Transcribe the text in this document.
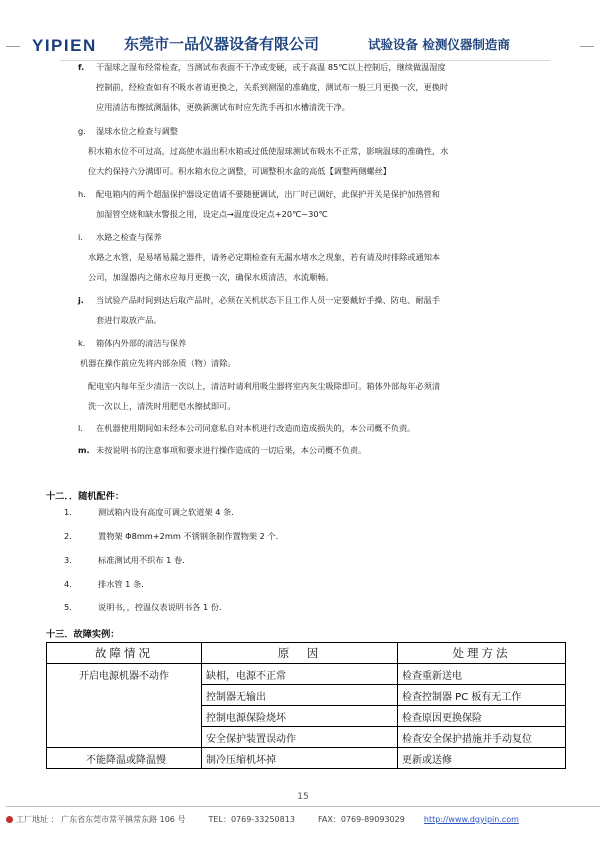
YIPIEN 东莞市一品仪器设备有限公司	试验设备 检测仪器制造商
f. 干湿球之湿布经常检查，当测试布表面不干净或变硬，或于高温 85℃以上控制后，继续做温湿度
控制前，经检查如有不吸水者请更换之，关系到测湿的准确度，测试布一般三月更换一次，更换时
应用清洁布擦拭测温体，更换新测试布时应先洗手再扣水槽清洗干净。
g. 湿球水位之检查与调整
积水箱水位不可过高，过高使水溢出积水箱或过低使湿球测试布吸水不正常，影响温球的准确性，水
位大约保持六分满即可。积水箱水位之调整，可调整积水盒的高低【调整两侧螺丝】
h. 配电箱内的两个超温保护器设定值请不要随便调试，出厂时已调好，此保护开关是保护加热管和
加湿管空烧和缺水警报之用，设定点→温度设定点+20℃~30℃
i. 水路之检查与保养
水路之水管，是易堵易漏之器件，请务必定期检查有无漏水堵水之现象，若有请及时排除或通知本
公司，加湿器内之储水应每月更换一次，确保水质清洁，水流顺畅。
j. 当试验产品时间到达后取产品时，必须在关机状态下且工作人员一定要戴好手操、防电、耐温手
套进行取放产品。
k. 箱体内外部的清洁与保养
机器在操作前应先将内部杂质（物）清除。
配电室内每年至少清洁一次以上，清洁时请利用吸尘器将室内灰尘吸除即可。箱体外部每年必须清
洗一次以上，清洗时用肥皂水擦拭即可。
l. 在机器使用期间如未经本公司同意私自对本机进行改造而造成损失的，本公司概不负责。
m. 未按说明书的注意事项和要求进行操作造成的一切后果，本公司概不负责。
十二．．随机配件：
1．	测试箱内设有高度可调之软道架 4 条.
2．	置物架 Φ8mm+2mm 不锈钢条制作置物架 2 个.
3．	标准测试用不织布 1 卷.
4．	排水管 1 条.
5．	说明书，，控温仪表说明书各 1 份.
十三．故障实例：
故障情况	原　因	处理方法
开启电源机器不动作	缺相，电源不正常	检查重新送电
	控制器无输出	检查控制器 PC 板有无工作
	控制电源保险烧坏	检查原因更换保险
	安全保护装置误动作	检查安全保护措施并手动复位
不能降温或降温慢	制冷压缩机坏掉	更新或送修
15
工厂地址 ： 广东省东莞市常平镇常东路 106 号	TEL：0769-33250813	FAX：0769-89093029 http://www.dgyipin.com
